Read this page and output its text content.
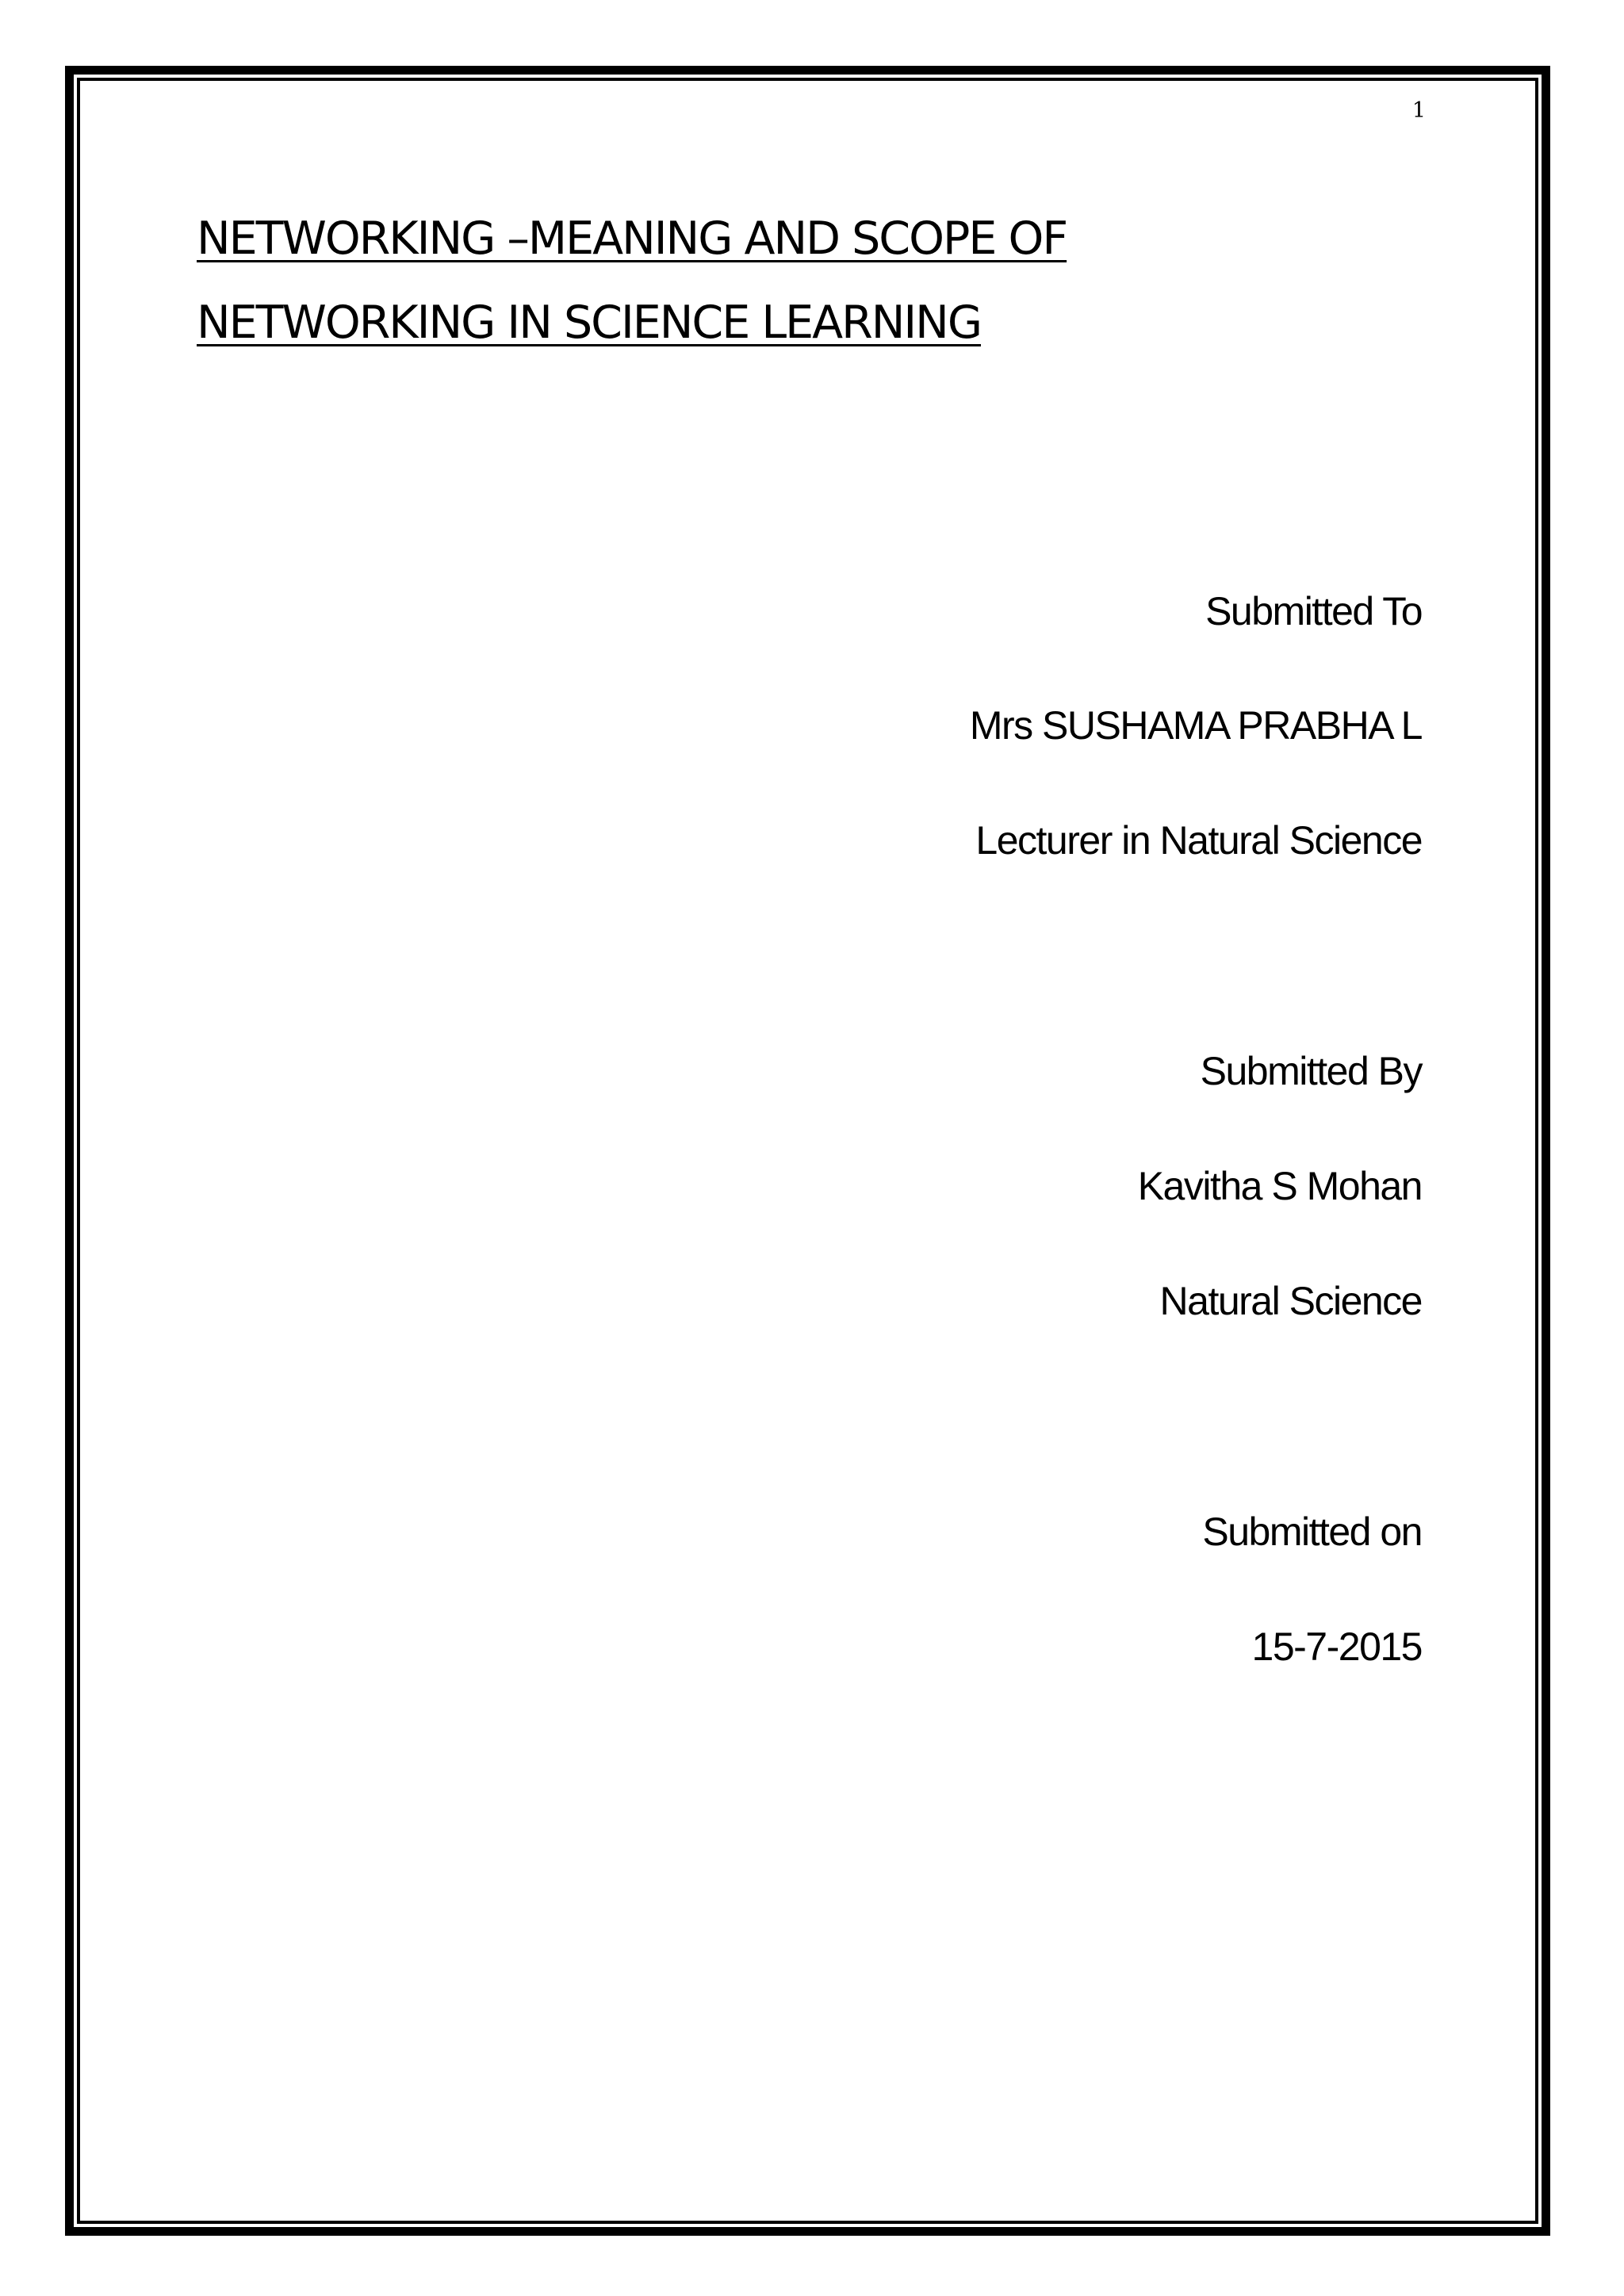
1
NETWORKING –MEANING AND SCOPE OF
NETWORKING IN SCIENCE LEARNING
Submitted To
Mrs SUSHAMA PRABHA L
Lecturer in Natural Science
Submitted By
Kavitha S Mohan
Natural Science
Submitted on
15-7-2015
